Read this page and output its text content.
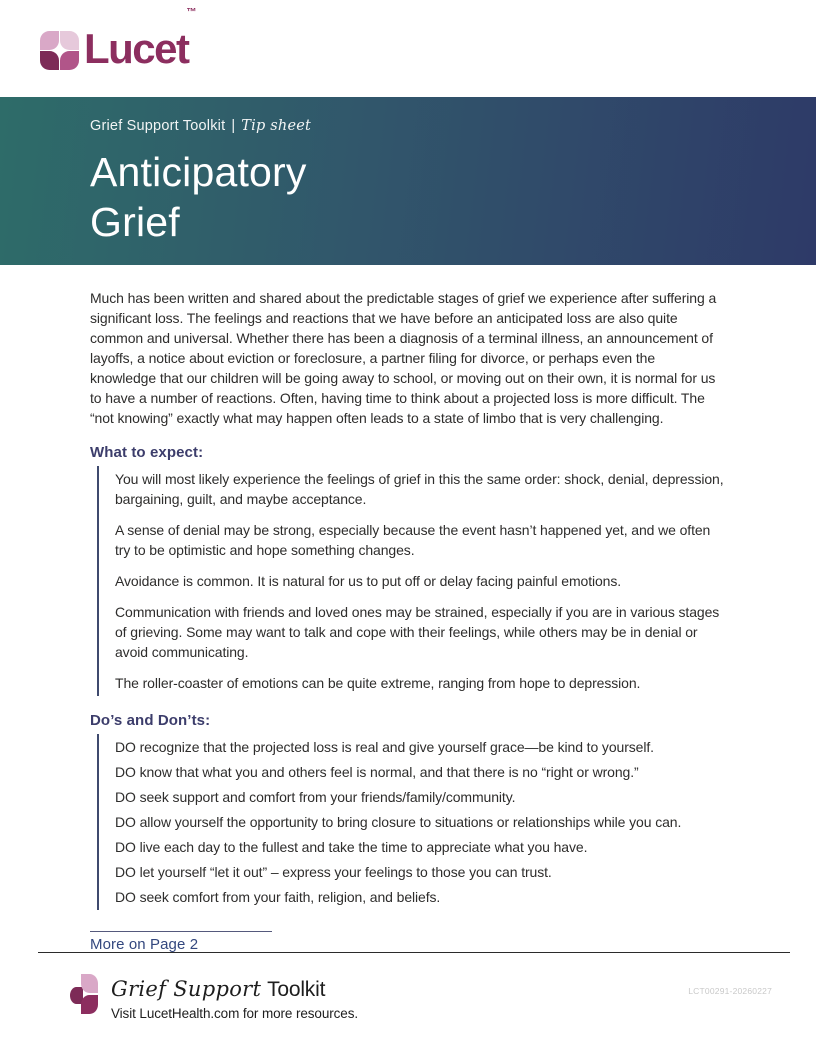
Lucet™
Grief Support Toolkit | Tip sheet
Anticipatory
Grief

Much has been written and shared about the predictable stages of grief we experience after suffering a significant loss. The feelings and reactions that we have before an anticipated loss are also quite common and universal. Whether there has been a diagnosis of a terminal illness, an announcement of layoffs, a notice about eviction or foreclosure, a partner filing for divorce, or perhaps even the knowledge that our children will be going away to school, or moving out on their own, it is normal for us to have a number of reactions. Often, having time to think about a projected loss is more difficult. The “not knowing” exactly what may happen often leads to a state of limbo that is very challenging.

What to expect:

You will most likely experience the feelings of grief in this the same order: shock, denial, depression, bargaining, guilt, and maybe acceptance.

A sense of denial may be strong, especially because the event hasn’t happened yet, and we often try to be optimistic and hope something changes.

Avoidance is common. It is natural for us to put off or delay facing painful emotions.

Communication with friends and loved ones may be strained, especially if you are in various stages of grieving. Some may want to talk and cope with their feelings, while others may be in denial or avoid communicating.

The roller-coaster of emotions can be quite extreme, ranging from hope to depression.

Do’s and Don’ts:

DO recognize that the projected loss is real and give yourself grace—be kind to yourself.

DO know that what you and others feel is normal, and that there is no “right or wrong.”

DO seek support and comfort from your friends/family/community.

DO allow yourself the opportunity to bring closure to situations or relationships while you can.

DO live each day to the fullest and take the time to appreciate what you have.

DO let yourself “let it out” – express your feelings to those you can trust.

DO seek comfort from your faith, religion, and beliefs.

More on Page 2
Grief Support Toolkit
Visit LucetHealth.com for more resources.
LCT00291-20260227
